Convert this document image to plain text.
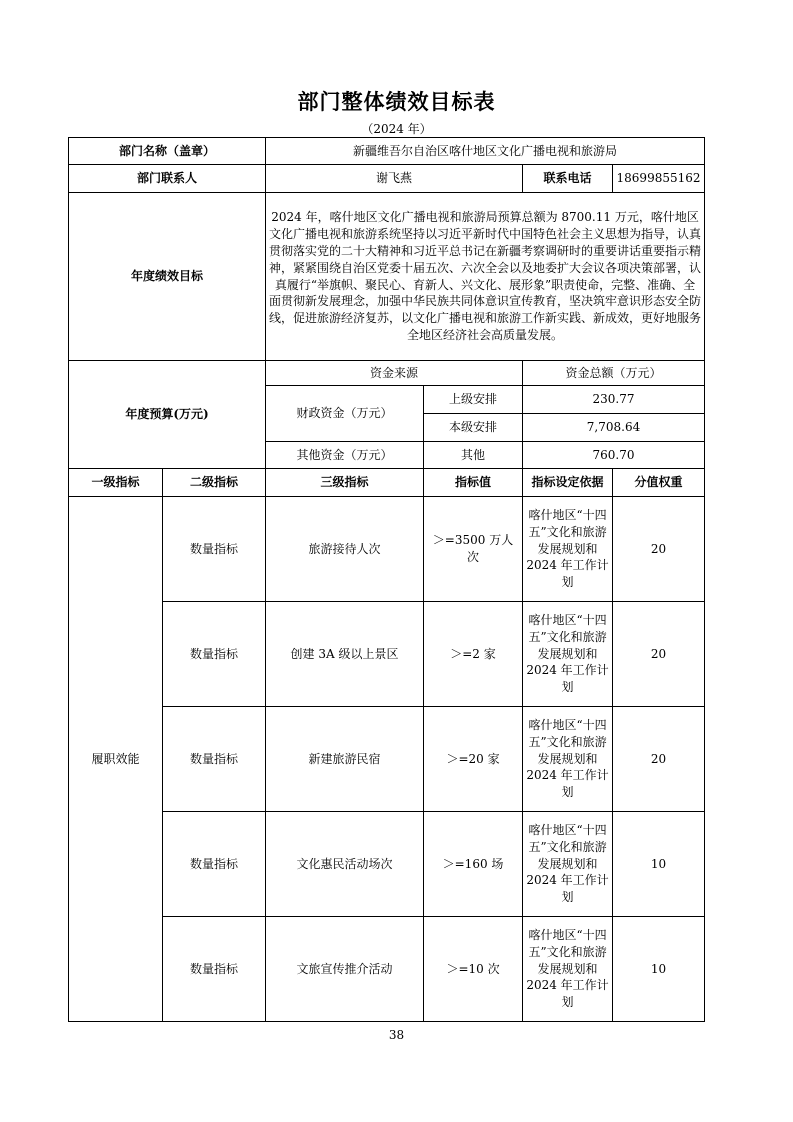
部门整体绩效目标表
（2024 年）
部门名称（盖章）		新疆维吾尔自治区喀什地区文化广播电视和旅游局			
部门联系人		谢飞燕		联系电话	18699855162
年度绩效目标		2024 年，喀什地区文化广播电视和旅游局预算总额为 8700.11 万元，喀什地区文化广播电视和旅游系统坚持以习近平新时代中国特色社会主义思想为指导，认真贯彻落实党的二十大精神和习近平总书记在新疆考察调研时的重要讲话重要指示精神，紧紧围绕自治区党委十届五次、六次全会以及地委扩大会议各项决策部署，认真履行“举旗帜、聚民心、育新人、兴文化、展形象”职责使命，完整、准确、全面贯彻新发展理念，加强中华民族共同体意识宣传教育，坚决筑牢意识形态安全防线，促进旅游经济复苏，以文化广播电视和旅游工作新实践、新成效，更好地服务全地区经济社会高质量发展。			
年度预算(万元)		资金来源		资金总额（万元）	
		财政资金（万元）	上级安排	230.77	
			本级安排	7,708.64	
		其他资金（万元）	其他	760.70	
一级指标	二级指标	三级指标	指标值	指标设定依据	分值权重
履职效能	数量指标	旅游接待人次	＞=3500 万人次	喀什地区“十四五”文化和旅游发展规划和 2024 年工作计划	20
	数量指标	创建 3A 级以上景区	＞=2 家	喀什地区“十四五”文化和旅游发展规划和 2024 年工作计划	20
	数量指标	新建旅游民宿	＞=20 家	喀什地区“十四五”文化和旅游发展规划和 2024 年工作计划	20
	数量指标	文化惠民活动场次	＞=160 场	喀什地区“十四五”文化和旅游发展规划和 2024 年工作计划	10
	数量指标	文旅宣传推介活动	＞=10 次	喀什地区“十四五”文化和旅游发展规划和 2024 年工作计划	10
38
